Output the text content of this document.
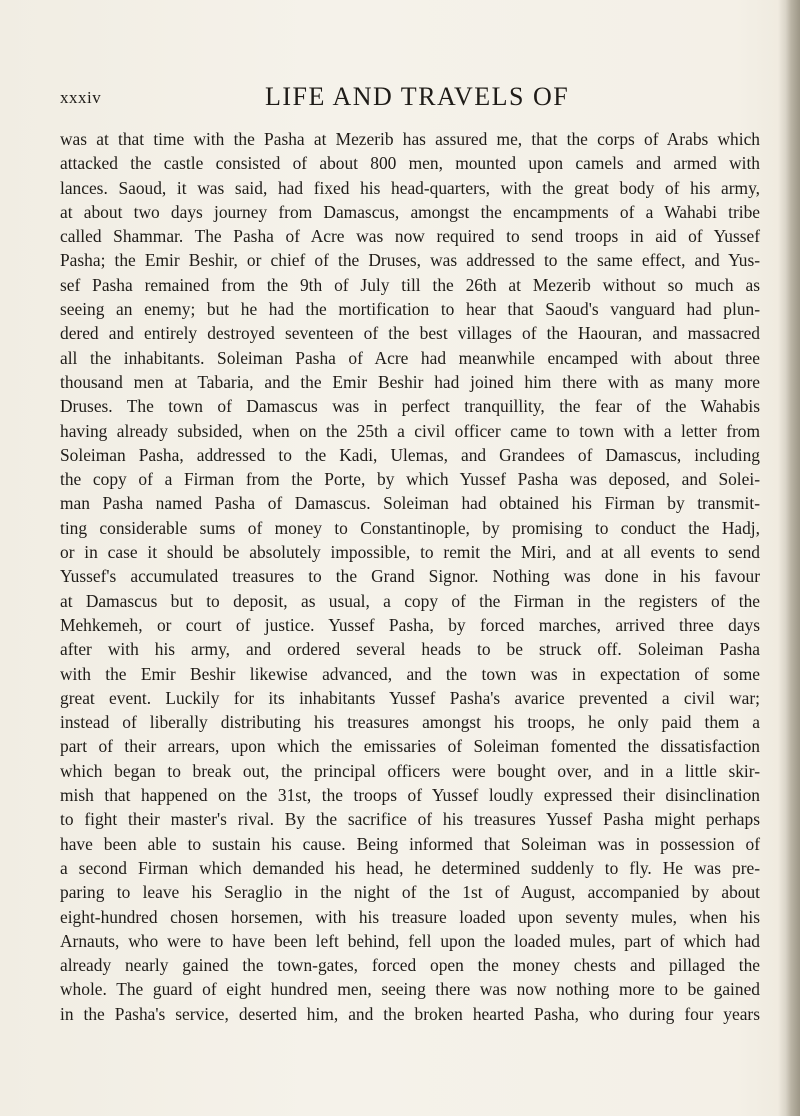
xxxiv	LIFE AND TRAVELS OF
was at that time with the Pasha at Mezerib has assured me, that the corps of Arabs which
attacked the castle consisted of about 800 men, mounted upon camels and armed with
lances. Saoud, it was said, had fixed his head-quarters, with the great body of his army,
at about two days journey from Damascus, amongst the encampments of a Wahabi tribe
called Shammar. The Pasha of Acre was now required to send troops in aid of Yussef
Pasha; the Emir Beshir, or chief of the Druses, was addressed to the same effect, and Yus-
sef Pasha remained from the 9th of July till the 26th at Mezerib without so much as
seeing an enemy; but he had the mortification to hear that Saoud's vanguard had plun-
dered and entirely destroyed seventeen of the best villages of the Haouran, and massacred
all the inhabitants. Soleiman Pasha of Acre had meanwhile encamped with about three
thousand men at Tabaria, and the Emir Beshir had joined him there with as many more
Druses. The town of Damascus was in perfect tranquillity, the fear of the Wahabis
having already subsided, when on the 25th a civil officer came to town with a letter from
Soleiman Pasha, addressed to the Kadi, Ulemas, and Grandees of Damascus, including
the copy of a Firman from the Porte, by which Yussef Pasha was deposed, and Solei-
man Pasha named Pasha of Damascus. Soleiman had obtained his Firman by transmit-
ting considerable sums of money to Constantinople, by promising to conduct the Hadj,
or in case it should be absolutely impossible, to remit the Miri, and at all events to send
Yussef's accumulated treasures to the Grand Signor. Nothing was done in his favour
at Damascus but to deposit, as usual, a copy of the Firman in the registers of the
Mehkemeh, or court of justice. Yussef Pasha, by forced marches, arrived three days
after with his army, and ordered several heads to be struck off. Soleiman Pasha
with the Emir Beshir likewise advanced, and the town was in expectation of some
great event. Luckily for its inhabitants Yussef Pasha's avarice prevented a civil war;
instead of liberally distributing his treasures amongst his troops, he only paid them a
part of their arrears, upon which the emissaries of Soleiman fomented the dissatisfaction
which began to break out, the principal officers were bought over, and in a little skir-
mish that happened on the 31st, the troops of Yussef loudly expressed their disinclination
to fight their master's rival. By the sacrifice of his treasures Yussef Pasha might perhaps
have been able to sustain his cause. Being informed that Soleiman was in possession of
a second Firman which demanded his head, he determined suddenly to fly. He was pre-
paring to leave his Seraglio in the night of the 1st of August, accompanied by about
eight-hundred chosen horsemen, with his treasure loaded upon seventy mules, when his
Arnauts, who were to have been left behind, fell upon the loaded mules, part of which had
already nearly gained the town-gates, forced open the money chests and pillaged the
whole. The guard of eight hundred men, seeing there was now nothing more to be gained
in the Pasha's service, deserted him, and the broken hearted Pasha, who during four years
